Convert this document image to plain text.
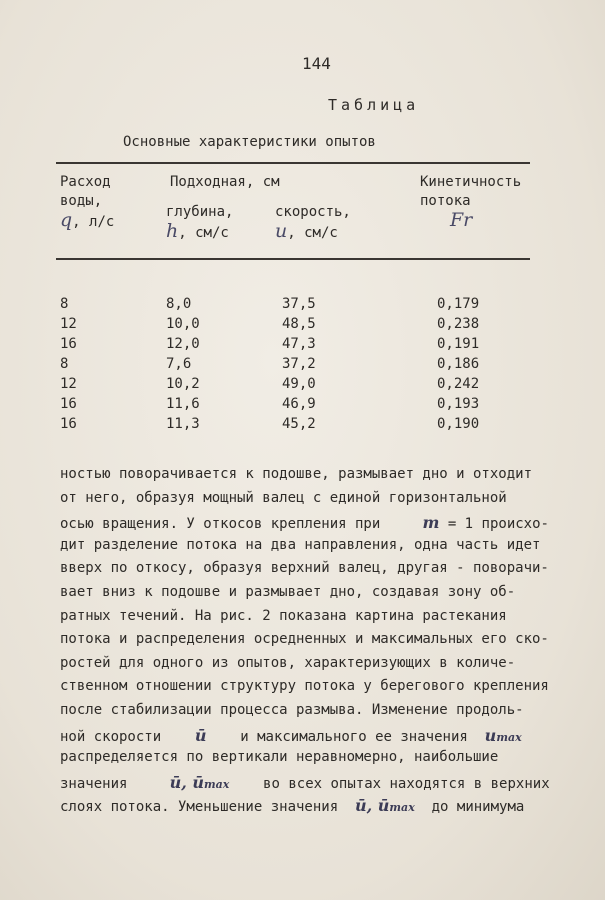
144
Таблица
Основные характеристики опытов
Расход
воды,
q, л/с
Подходная, см
глубина,
h, см/с
скорость,
u, см/с
Кинетичность
потока
Fr
8	8,0	37,5	0,179
12	10,0	48,5	0,238
16	12,0	47,3	0,191
8	7,6	37,2	0,186
12	10,2	49,0	0,242
16	11,6	46,9	0,193
16	11,3	45,2	0,190
ностью поворачивается к подошве, размывает дно и отходит
от него, образуя мощный валец с единой горизонтальной
осью вращения. У откосов крепления при	m = 1 происхо-
дит разделение потока на два направления, одна часть идет
вверх по откосу, образуя верхний валец, другая - поворачи-
вает вниз к подошве и размывает дно, создавая зону об-
ратных течений. На рис. 2 показана картина растекания
потока и распределения осредненных и максимальных его ско-
ростей для одного из опытов, характеризующих в количе-
ственном отношении структуру потока у берегового крепления
после стабилизации процесса размыва. Изменение продоль-
ной скорости ū и максимального ее значения umax
распределяется по вертикали неравномерно, наибольшие
значения	ū, ūmax во всех опытах находятся в верхних
слоях потока. Уменьшение значения ū, ūmax до минимума
